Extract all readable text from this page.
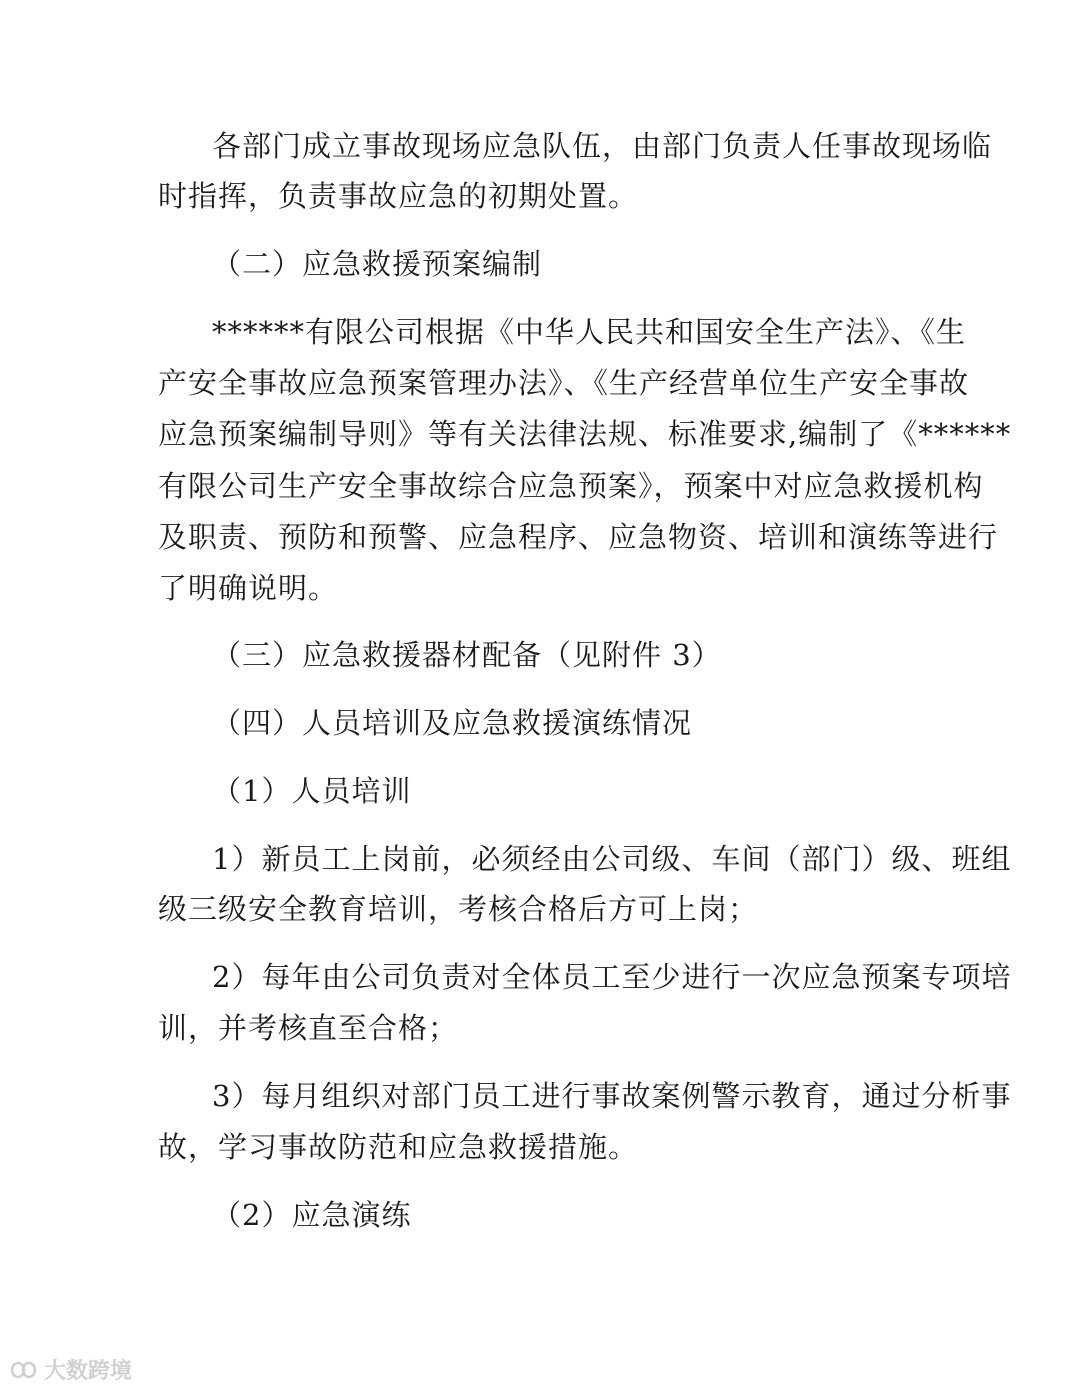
各部门成立事故现场应急队伍，由部门负责人任事故现场临
时指挥，负责事故应急的初期处置。
（二）应急救援预案编制
******有限公司根据《中华人民共和国安全生产法》、《生
产安全事故应急预案管理办法》、《生产经营单位生产安全事故
应急预案编制导则》等有关法律法规、标准要求,编制了《******
有限公司生产安全事故综合应急预案》，预案中对应急救援机构
及职责、预防和预警、应急程序、应急物资、培训和演练等进行
了明确说明。
（三）应急救援器材配备（见附件 3）
（四）人员培训及应急救援演练情况
（1）人员培训
1）新员工上岗前，必须经由公司级、车间（部门）级、班组
级三级安全教育培训，考核合格后方可上岗；
2）每年由公司负责对全体员工至少进行一次应急预案专项培
训，并考核直至合格；
3）每月组织对部门员工进行事故案例警示教育，通过分析事
故，学习事故防范和应急救援措施。
（2）应急演练
大数跨境
